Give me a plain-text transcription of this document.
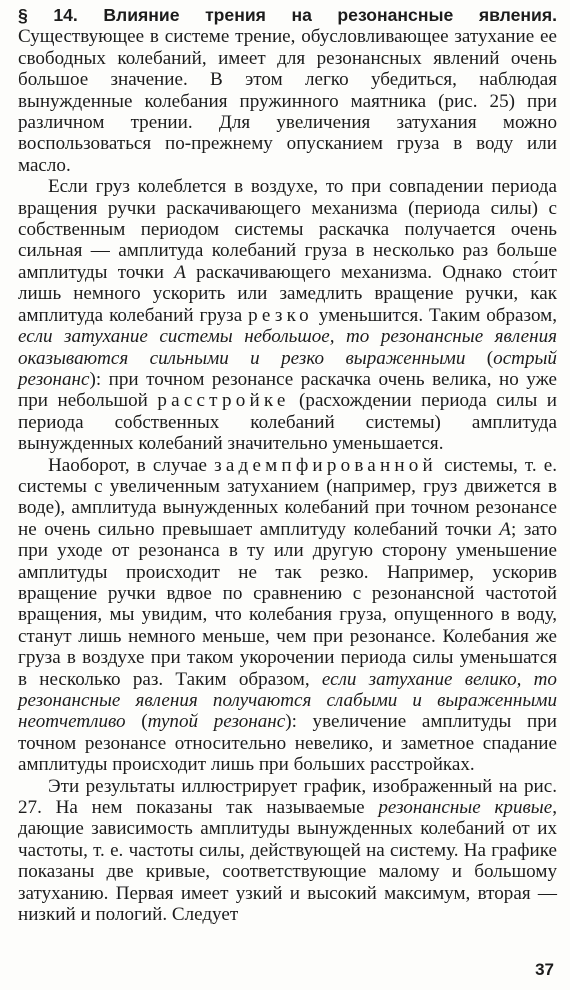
§ 14. Влияние трения на резонансные явления. Существующее в системе трение, обусловливающее затухание ее свободных колебаний, имеет для резонансных явлений очень большое значение. В этом легко убедиться, наблюдая вынужденные колебания пружинного маятника (рис. 25) при различном трении. Для увеличения затухания можно воспользоваться по-прежнему опусканием груза в воду или масло.

Если груз колеблется в воздухе, то при совпадении периода вращения ручки раскачивающего механизма (периода силы) с собственным периодом системы раскачка получается очень сильная — амплитуда колебаний груза в несколько раз больше амплитуды точки A раскачивающего механизма. Однако сто́ит лишь немного ускорить или замедлить вращение ручки, как амплитуда колебаний груза резко уменьшится. Таким образом, если затухание системы небольшое, то резонансные явления оказываются сильными и резко выраженными (острый резонанс): при точном резонансе раскачка очень велика, но уже при небольшой расстройке (расхождении периода силы и периода собственных колебаний системы) амплитуда вынужденных колебаний значительно уменьшается.

Наоборот, в случае задемпфированной системы, т. е. системы с увеличенным затуханием (например, груз движется в воде), амплитуда вынужденных колебаний при точном резонансе не очень сильно превышает амплитуду колебаний точки A; зато при уходе от резонанса в ту или другую сторону уменьшение амплитуды происходит не так резко. Например, ускорив вращение ручки вдвое по сравнению с резонансной частотой вращения, мы увидим, что колебания груза, опущенного в воду, станут лишь немного меньше, чем при резонансе. Колебания же груза в воздухе при таком укорочении периода силы уменьшатся в несколько раз. Таким образом, если затухание велико, то резонансные явления получаются слабыми и выраженными неотчетливо (тупой резонанс): увеличение амплитуды при точном резонансе относительно невелико, и заметное спадание амплитуды происходит лишь при больших расстройках.

Эти результаты иллюстрирует график, изображенный на рис. 27. На нем показаны так называемые резонансные кривые, дающие зависимость амплитуды вынужденных колебаний от их частоты, т. е. частоты силы, действующей на систему. На графике показаны две кривые, соответствующие малому и большому затуханию. Первая имеет узкий и высокий максимум, вторая — низкий и пологий. Следует

37
